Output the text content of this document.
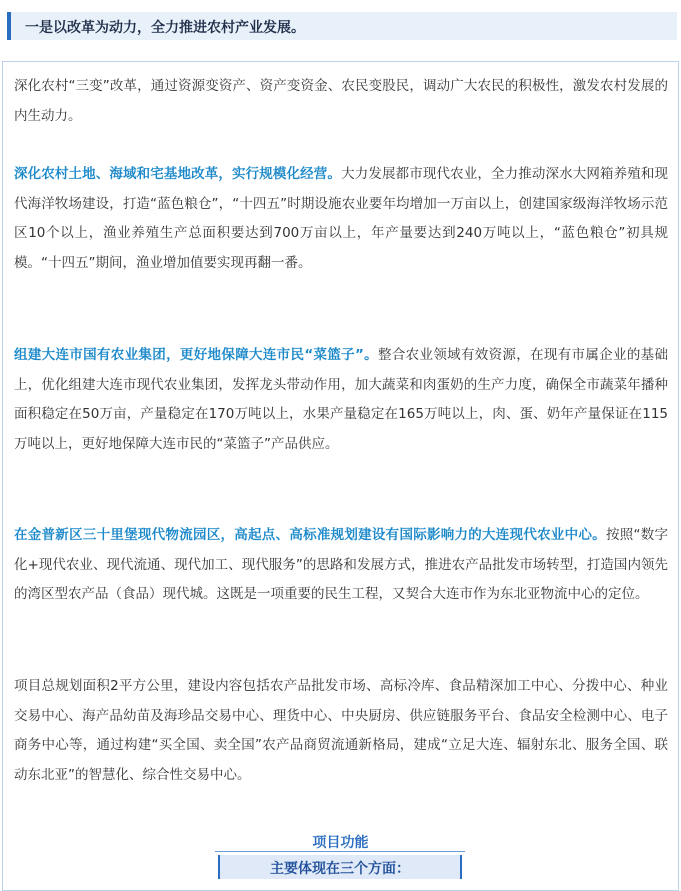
一是以改革为动力，全力推进农村产业发展。

深化农村“三变”改革，通过资源变资产、资产变资金、农民变股民，调动广大农民的积极性，激发农村发展的内生动力。

深化农村土地、海域和宅基地改革，实行规模化经营。大力发展都市现代农业，全力推动深水大网箱养殖和现代海洋牧场建设，打造“蓝色粮仓”，“十四五”时期设施农业要年均增加一万亩以上，创建国家级海洋牧场示范区10个以上，渔业养殖生产总面积要达到700万亩以上，年产量要达到240万吨以上，“蓝色粮仓”初具规模。“十四五”期间，渔业增加值要实现再翻一番。

组建大连市国有农业集团，更好地保障大连市民“菜篮子”。整合农业领域有效资源，在现有市属企业的基础上，优化组建大连市现代农业集团，发挥龙头带动作用，加大蔬菜和肉蛋奶的生产力度，确保全市蔬菜年播种面积稳定在50万亩，产量稳定在170万吨以上，水果产量稳定在165万吨以上，肉、蛋、奶年产量保证在115万吨以上，更好地保障大连市民的“菜篮子”产品供应。

在金普新区三十里堡现代物流园区，高起点、高标准规划建设有国际影响力的大连现代农业中心。按照“数字化+现代农业、现代流通、现代加工、现代服务”的思路和发展方式，推进农产品批发市场转型，打造国内领先的湾区型农产品（食品）现代城。这既是一项重要的民生工程，又契合大连市作为东北亚物流中心的定位。

项目总规划面积2平方公里，建设内容包括农产品批发市场、高标冷库、食品精深加工中心、分拨中心、种业交易中心、海产品幼苗及海珍品交易中心、理货中心、中央厨房、供应链服务平台、食品安全检测中心、电子商务中心等，通过构建“买全国、卖全国”农产品商贸流通新格局，建成“立足大连、辐射东北、服务全国、联动东北亚”的智慧化、综合性交易中心。

项目功能
主要体现在三个方面：
